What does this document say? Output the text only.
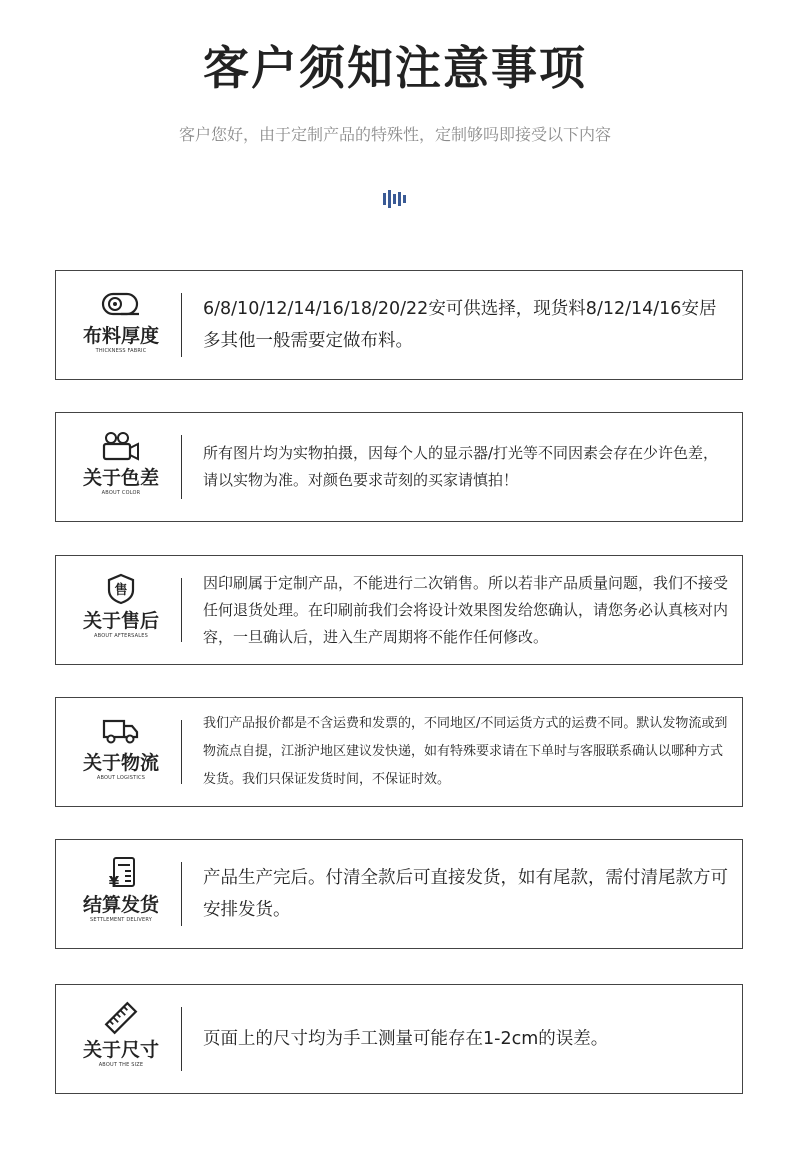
客户须知注意事项
客户您好，由于定制产品的特殊性，定制够吗即接受以下内容
布料厚度
THICKNESS FABRIC

6/8/10/12/14/16/18/20/22安可供选择，现货料8/12/14/16安居多其他一般需要定做布料。

关于色差
ABOUT COLOR

所有图片均为实物拍摄，因每个人的显示器/打光等不同因素会存在少许色差，请以实物为准。对颜色要求苛刻的买家请慎拍！

售
关于售后
ABOUT AFTERSALES

因印刷属于定制产品，不能进行二次销售。所以若非产品质量问题，我们不接受任何退货处理。在印刷前我们会将设计效果图发给您确认，请您务必认真核对内容，一旦确认后，进入生产周期将不能作任何修改。

关于物流
ABOUT LOGISTICS

我们产品报价都是不含运费和发票的，不同地区/不同运货方式的运费不同。默认发物流或到物流点自提，江浙沪地区建议发快递，如有特殊要求请在下单时与客服联系确认以哪种方式发货。我们只保证发货时间，不保证时效。

¥
结算发货
SETTLEMENT DELIVERY

产品生产完后。付清全款后可直接发货，如有尾款，需付清尾款方可安排发货。

关于尺寸
ABOUT THE SIZE

页面上的尺寸均为手工测量可能存在1-2cm的误差。
